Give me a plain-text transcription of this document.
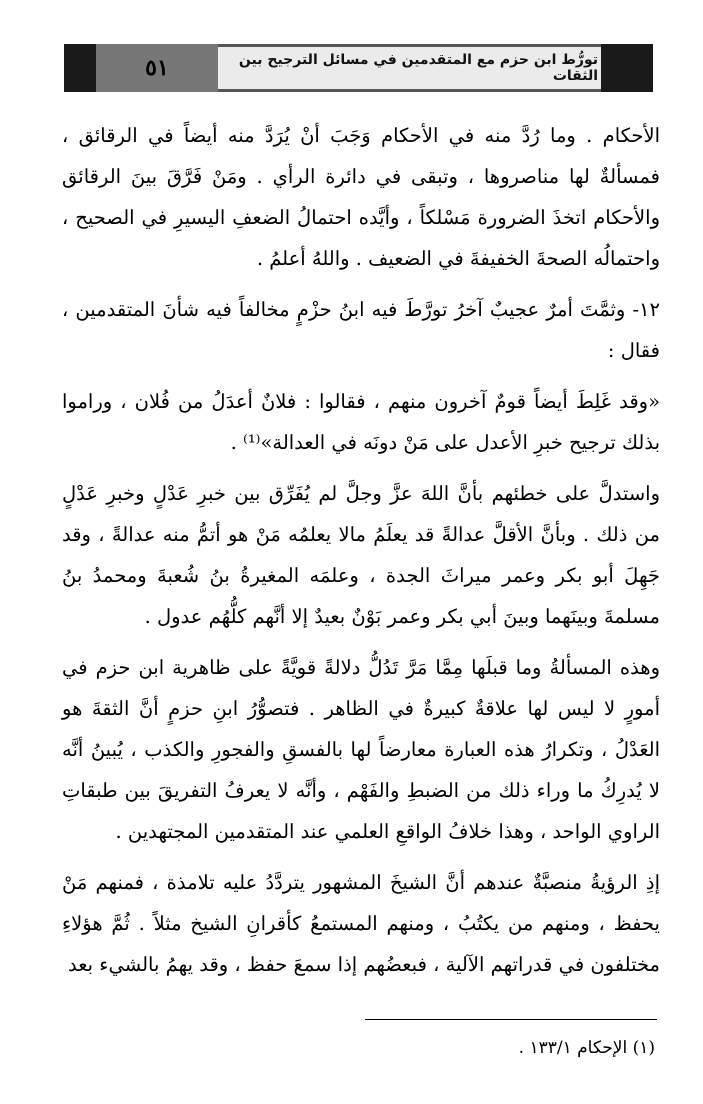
٥١	تورُّط ابن حزم مع المتقدمين في مسائل الترجيح بين الثقات

الأحكام . وما رُدَّ منه في الأحكام وَجَبَ أنْ يُرَدَّ منه أيضاً في الرقائق ، فمسألةٌ لها مناصروها ، وتبقى في دائرة الرأي . ومَنْ فَرَّقَ بينَ الرقائق والأحكام اتخذَ الضرورة مَسْلكاً ، وأيَّده احتمالُ الضعفِ اليسيرِ في الصحيح ، واحتمالُه الصحةَ الخفيفةَ في الضعيف . واللهُ أعلمُ .

١٢- وثمَّتَ أمرٌ عجيبٌ آخرُ تورَّطَ فيه ابنُ حزْمٍ مخالفاً فيه شأنَ المتقدمين ، فقال :

«وقد غَلِطَ أيضاً قومٌ آخرون منهم ، فقالوا : فلانٌ أعدَلُ من فُلان ، وراموا بذلك ترجيح خبرِ الأعدل على مَنْ دونَه في العدالة»⁽¹⁾ .

واستدلَّ على خطئهم بأنَّ اللهَ عزَّ وجلَّ لم يُفَرِّق بين خبرِ عَدْلٍ وخبرِ عَدْلٍ من ذلك . وبأنَّ الأقلَّ عدالةً قد يعلَمُ مالا يعلمُه مَنْ هو أتمُّ منه عدالةً ، وقد جَهِلَ أبو بكر وعمر ميراثَ الجدة ، وعلمَه المغيرةُ بنُ شُعبةَ ومحمدُ بنُ مسلمةَ وبينَهما وبينَ أبي بكر وعمر بَوْنٌ بعيدٌ إلا أنَّهم كلُّهُم عدول .

وهذه المسألةُ وما قبلَها مِمَّا مَرَّ تَدُلُّ دلالةً قويَّةً على ظاهرية ابن حزم في أمورٍ لا ليس لها علاقةٌ كبيرةٌ في الظاهر . فتصوُّرُ ابنِ حزمٍ أنَّ الثقةَ هو العَدْلُ ، وتكرارُ هذه العبارة معارضاً لها بالفسقِ والفجورِ والكذب ، يُبينُ أنَّه لا يُدرِكُ ما وراء ذلك من الضبطِ والفَهْم ، وأنَّه لا يعرفُ التفريقَ بين طبقاتِ الراوي الواحد ، وهذا خلافُ الواقعِ العلمي عند المتقدمين المجتهدين .

إذِ الرؤيةُ منصبَّةٌ عندهم أنَّ الشيخَ المشهور يتردَّدُ عليه تلامذة ، فمنهم مَنْ يحفظ ، ومنهم من يكتُبُ ، ومنهم المستمعُ كأقرانِ الشيخ مثلاً . ثُمَّ هؤلاءِ مختلفون في قدراتهم الآلية ، فبعضُهم إذا سمعَ حفظ ، وقد يهمُ بالشيء بعد

(١) الإحكام ١٣٣/١ .
